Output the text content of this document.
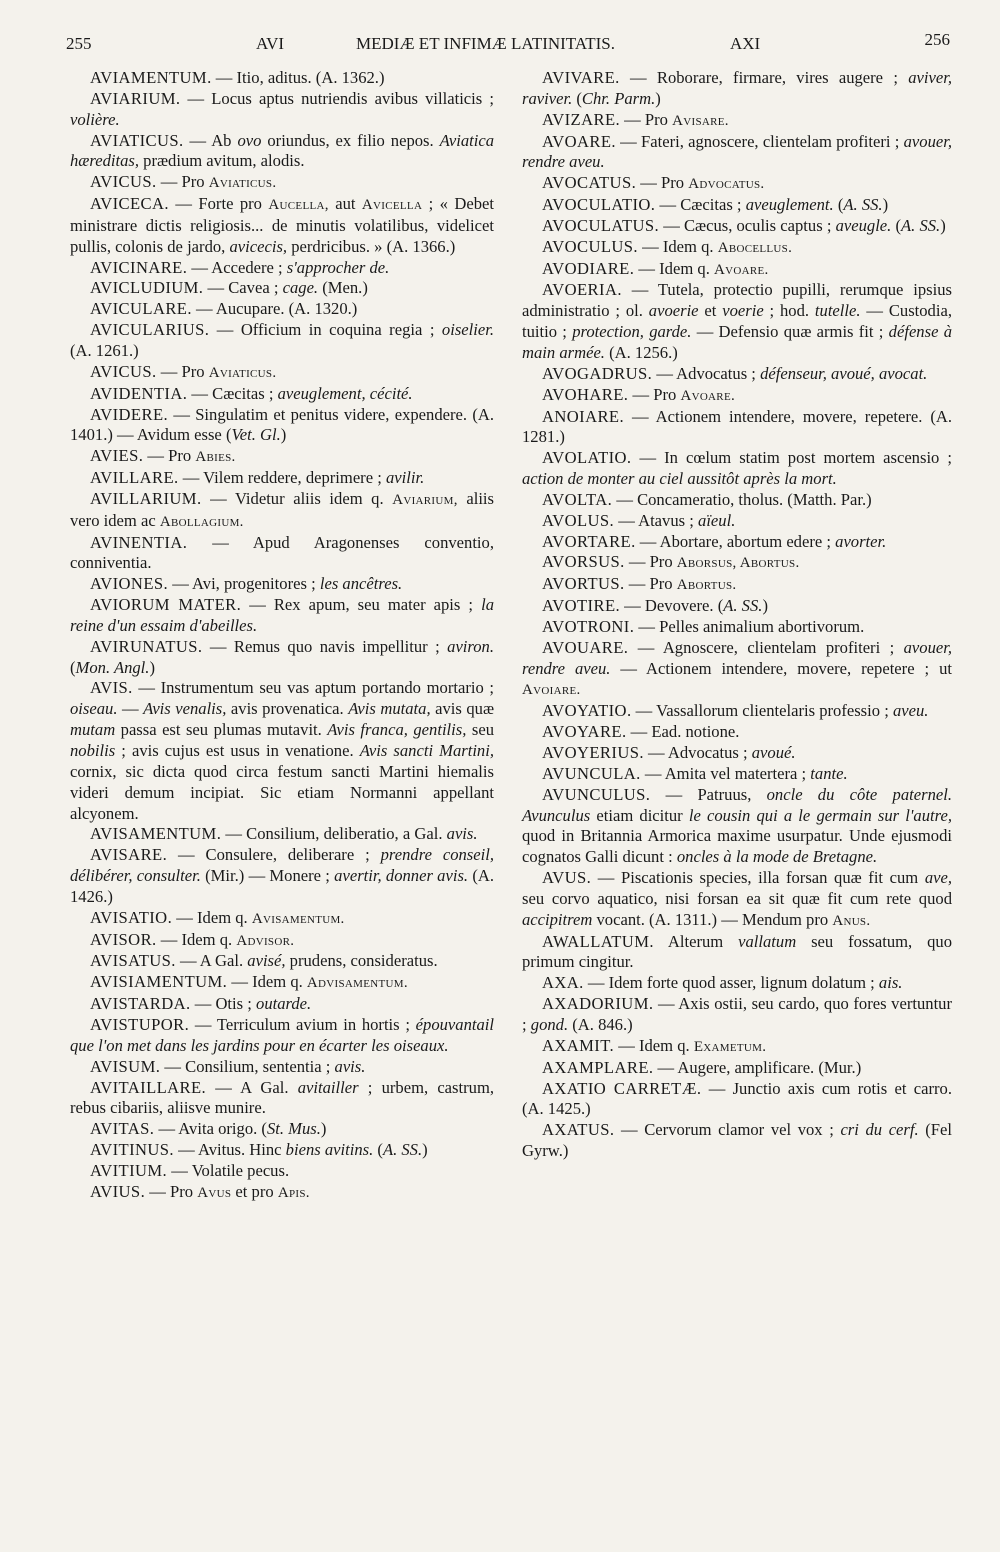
255	AVI	MEDIÆ ET INFIMÆ LATINITATIS.	AXI	256

AVIAMENTUM. — Itio, aditus. (A. 1362.)

AVIARIUM. — Locus aptus nutriendis avibus villaticis ; volière.

AVIATICUS. — Ab ovo oriundus, ex filio nepos. Aviatica hæreditas, prædium avitum, alodis.

AVICUS. — Pro Aviaticus.

AVICECA. — Forte pro Aucella, aut Avicella ; « Debet ministrare dictis religiosis... de minutis volatilibus, videlicet pullis, colonis de jardo, avicecis, perdricibus. » (A. 1366.)

AVICINARE. — Accedere ; s'approcher de.

AVICLUDIUM. — Cavea ; cage. (Men.)

AVICULARE. — Aucupare. (A. 1320.)

AVICULARIUS. — Officium in coquina regia ; oiselier. (A. 1261.)

AVICUS. — Pro Aviaticus.

AVIDENTIA. — Cæcitas ; aveuglement, cécité.

AVIDERE. — Singulatim et penitus videre, expendere. (A. 1401.) — Avidum esse (Vet. Gl.)

AVIES. — Pro Abies.

AVILLARE. — Vilem reddere, deprimere ; avilir.

AVILLARIUM. — Videtur aliis idem q. Aviarium, aliis vero idem ac Abollagium.

AVINENTIA. — Apud Aragonenses conventio, conniventia.

AVIONES. — Avi, progenitores ; les ancêtres.

AVIORUM MATER. — Rex apum, seu mater apis ; la reine d'un essaim d'abeilles.

AVIRUNATUS. — Remus quo navis impellitur ; aviron. (Mon. Angl.)

AVIS. — Instrumentum seu vas aptum portando mortario ; oiseau. — Avis venalis, avis provenatica. Avis mutata, avis quæ mutam passa est seu plumas mutavit. Avis franca, gentilis, seu nobilis ; avis cujus est usus in venatione. Avis sancti Martini, cornix, sic dicta quod circa festum sancti Martini hiemalis videri demum incipiat. Sic etiam Normanni appellant alcyonem.

AVISAMENTUM. — Consilium, deliberatio, a Gal. avis.

AVISARE. — Consulere, deliberare ; prendre conseil, délibérer, consulter. (Mir.) — Monere ; avertir, donner avis. (A. 1426.)

AVISATIO. — Idem q. Avisamentum.

AVISOR. — Idem q. Advisor.

AVISATUS. — A Gal. avisé, prudens, consideratus.

AVISIAMENTUM. — Idem q. Advisamentum.

AVISTARDA. — Otis ; outarde.

AVISTUPOR. — Terriculum avium in hortis ; épouvantail que l'on met dans les jardins pour en écarter les oiseaux.

AVISUM. — Consilium, sententia ; avis.

AVITAILLARE. — A Gal. avitailler ; urbem, castrum, rebus cibariis, aliisve munire.

AVITAS. — Avita origo. (St. Mus.)

AVITINUS. — Avitus. Hinc biens avitins. (A. SS.)

AVITIUM. — Volatile pecus.

AVIUS. — Pro Avus et pro Apis.

AVIVARE. — Roborare, firmare, vires augere ; aviver, raviver. (Chr. Parm.)

AVIZARE. — Pro Avisare.

AVOARE. — Fateri, agnoscere, clientelam profiteri ; avouer, rendre aveu.

AVOCATUS. — Pro Advocatus.

AVOCULATIO. — Cæcitas ; aveuglement. (A. SS.)

AVOCULATUS. — Cæcus, oculis captus ; aveugle. (A. SS.)

AVOCULUS. — Idem q. Abocellus.

AVODIARE. — Idem q. Avoare.

AVOERIA. — Tutela, protectio pupilli, rerumque ipsius administratio ; ol. avoerie et voerie ; hod. tutelle. — Custodia, tuitio ; protection, garde. — Defensio quæ armis fit ; défense à main armée. (A. 1256.)

AVOGADRUS. — Advocatus ; défenseur, avoué, avocat.

AVOHARE. — Pro Avoare.

ANOIARE. — Actionem intendere, movere, repetere. (A. 1281.)

AVOLATIO. — In cœlum statim post mortem ascensio ; action de monter au ciel aussitôt après la mort.

AVOLTA. — Concameratio, tholus. (Matth. Par.)

AVOLUS. — Atavus ; aïeul.

AVORTARE. — Abortare, abortum edere ; avorter.

AVORSUS. — Pro Aborsus, Abortus.

AVORTUS. — Pro Abortus.

AVOTIRE. — Devovere. (A. SS.)

AVOTRONI. — Pelles animalium abortivorum.

AVOUARE. — Agnoscere, clientelam profiteri ; avouer, rendre aveu. — Actionem intendere, movere, repetere ; ut Avoiare.

AVOYATIO. — Vassallorum clientelaris professio ; aveu.

AVOYARE. — Ead. notione.

AVOYERIUS. — Advocatus ; avoué.

AVUNCULA. — Amita vel matertera ; tante.

AVUNCULUS. — Patruus, oncle du côte paternel. Avunculus etiam dicitur le cousin qui a le germain sur l'autre, quod in Britannia Armorica maxime usurpatur. Unde ejusmodi cognatos Galli dicunt : oncles à la mode de Bretagne.

AVUS. — Piscationis species, illa forsan quæ fit cum ave, seu corvo aquatico, nisi forsan ea sit quæ fit cum rete quod accipitrem vocant. (A. 1311.) — Mendum pro Anus.

AWALLATUM. Alterum vallatum seu fossatum, quo primum cingitur.

AXA. — Idem forte quod asser, lignum dolatum ; ais.

AXADORIUM. — Axis ostii, seu cardo, quo fores vertuntur ; gond. (A. 846.)

AXAMIT. — Idem q. Exametum.

AXAMPLARE. — Augere, amplificare. (Mur.)

AXATIO CARRETÆ. — Junctio axis cum rotis et carro. (A. 1425.)

AXATUS. — Cervorum clamor vel vox ; cri du cerf. (Fel Gyrw.)
